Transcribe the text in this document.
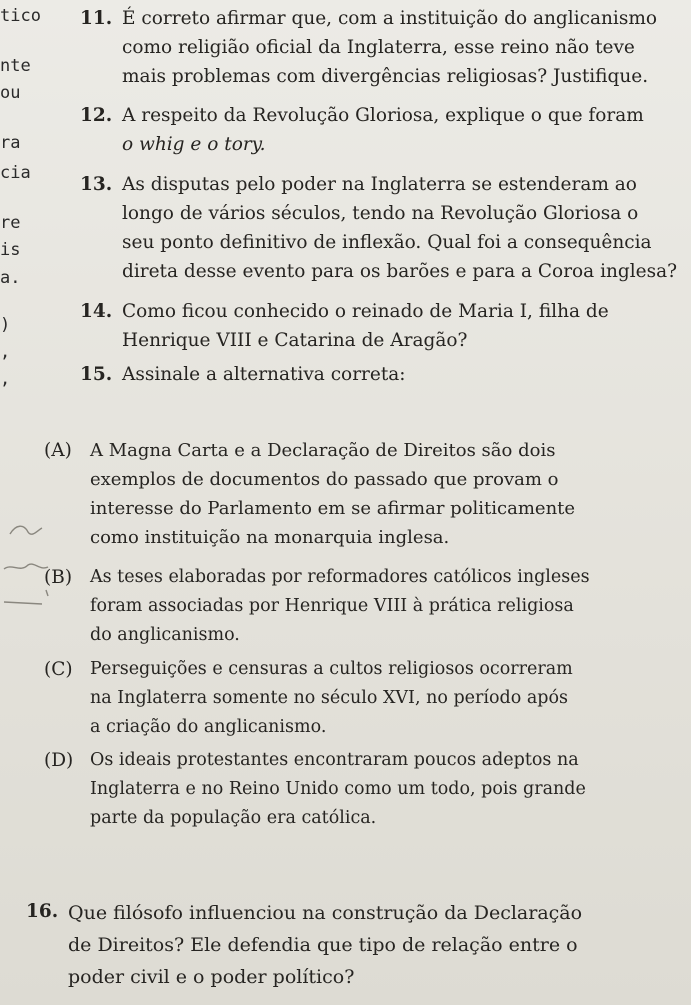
tico
nte
ou
ra
cia
re
is
a.
)
,
,
11. É correto afirmar que, com a instituição do anglicanismo
como religião oficial da Inglaterra, esse reino não teve
mais problemas com divergências religiosas? Justifique.
12. A respeito da Revolução Gloriosa, explique o que foram
o whig e o tory.
13. As disputas pelo poder na Inglaterra se estenderam ao
longo de vários séculos, tendo na Revolução Gloriosa o
seu ponto definitivo de inflexão. Qual foi a consequência
direta desse evento para os barões e para a Coroa inglesa?
14. Como ficou conhecido o reinado de Maria I, filha de
Henrique VIII e Catarina de Aragão?
15. Assinale a alternativa correta:
(A) A Magna Carta e a Declaração de Direitos são dois
exemplos de documentos do passado que provam o
interesse do Parlamento em se afirmar politicamente
como instituição na monarquia inglesa.
(B) As teses elaboradas por reformadores católicos ingleses
foram associadas por Henrique VIII à prática religiosa
do anglicanismo.
(C) Perseguições e censuras a cultos religiosos ocorreram
na Inglaterra somente no século XVI, no período após
a criação do anglicanismo.
(D) Os ideais protestantes encontraram poucos adeptos na
Inglaterra e no Reino Unido como um todo, pois grande
parte da população era católica.
16. Que filósofo influenciou na construção da Declaração
de Direitos? Ele defendia que tipo de relação entre o
poder civil e o poder político?
